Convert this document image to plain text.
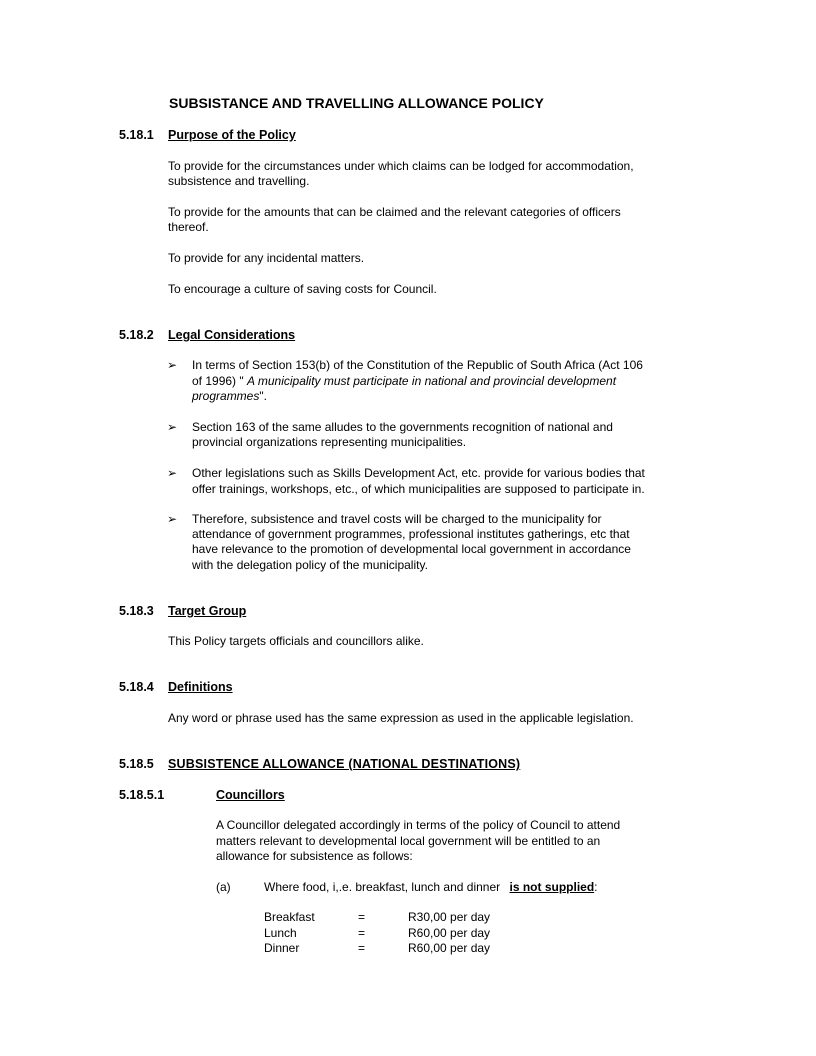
SUBSISTANCE AND TRAVELLING ALLOWANCE POLICY
5.18.1 Purpose of the Policy
To provide for the circumstances under which claims can be lodged for accommodation,
subsistence and travelling.
To provide for the amounts that can be claimed and the relevant categories of officers
thereof.
To provide for any incidental matters.
To encourage a culture of saving costs for Council.
5.18.2 Legal Considerations
➢ In terms of Section 153(b) of the Constitution of the Republic of South Africa (Act 106
of 1996) " A municipality must participate in national and provincial development
programmes".
➢ Section 163 of the same alludes to the governments recognition of national and
provincial organizations representing municipalities.
➢ Other legislations such as Skills Development Act, etc. provide for various bodies that
offer trainings, workshops, etc., of which municipalities are supposed to participate in.
➢ Therefore, subsistence and travel costs will be charged to the municipality for
attendance of government programmes, professional institutes gatherings, etc that
have relevance to the promotion of developmental local government in accordance
with the delegation policy of the municipality.
5.18.3 Target Group
This Policy targets officials and councillors alike.
5.18.4 Definitions
Any word or phrase used has the same expression as used in the applicable legislation.
5.18.5 SUBSISTENCE ALLOWANCE (NATIONAL DESTINATIONS)
5.18.5.1	Councillors
A Councillor delegated accordingly in terms of the policy of Council to attend
matters relevant to developmental local government will be entitled to an
allowance for subsistence as follows:
(a)	Where food, i,.e. breakfast, lunch and dinner is not supplied:
Breakfast	=	R30,00 per day
Lunch	=	R60,00 per day
Dinner	=	R60,00 per day
